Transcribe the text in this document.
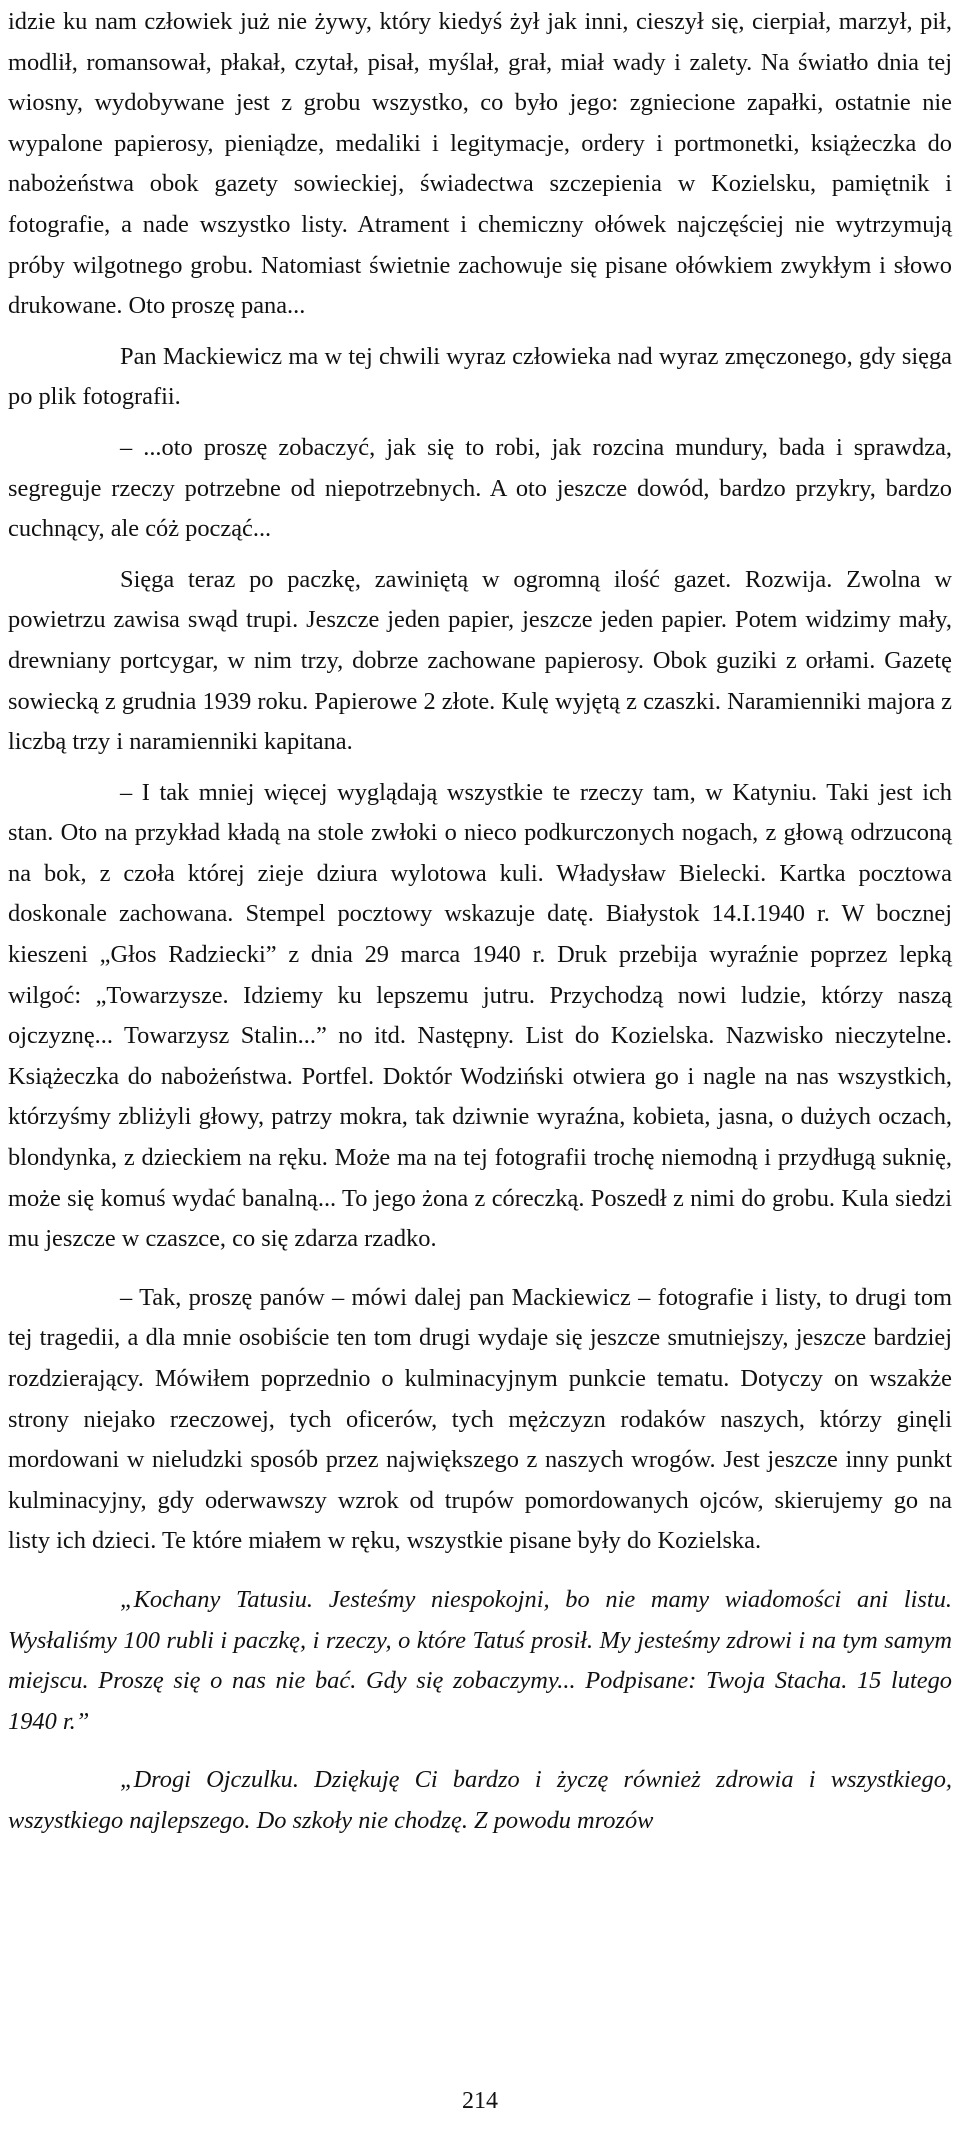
idzie ku nam człowiek już nie żywy, który kiedyś żył jak inni, cieszył się, cierpiał, marzył, pił, modlił, romansował, płakał, czytał, pisał, myślał, grał, miał wady i zalety. Na światło dnia tej wiosny, wydobywane jest z grobu wszystko, co było jego: zgniecione zapałki, ostatnie nie wypalone papierosy, pieniądze, medaliki i legitymacje, ordery i portmonetki, książeczka do nabożeństwa obok gazety sowieckiej, świadectwa szczepienia w Kozielsku, pamiętnik i fotografie, a nade wszystko listy. Atrament i chemiczny ołówek najczęściej nie wytrzymują próby wilgotnego grobu. Natomiast świetnie zachowuje się pisane ołówkiem zwykłym i słowo drukowane. Oto proszę pana...

Pan Mackiewicz ma w tej chwili wyraz człowieka nad wyraz zmęczonego, gdy sięga po plik fotografii.

– ...oto proszę zobaczyć, jak się to robi, jak rozcina mundury, bada i sprawdza, segreguje rzeczy potrzebne od niepotrzebnych. A oto jeszcze dowód, bardzo przykry, bardzo cuchnący, ale cóż począć...

Sięga teraz po paczkę, zawiniętą w ogromną ilość gazet. Rozwija. Zwolna w powietrzu zawisa swąd trupi. Jeszcze jeden papier, jeszcze jeden papier. Potem widzimy mały, drewniany portcygar, w nim trzy, dobrze zachowane papierosy. Obok guziki z orłami. Gazetę sowiecką z grudnia 1939 roku. Papierowe 2 złote. Kulę wyjętą z czaszki. Naramienniki majora z liczbą trzy i naramienniki kapitana.

– I tak mniej więcej wyglądają wszystkie te rzeczy tam, w Katyniu. Taki jest ich stan. Oto na przykład kładą na stole zwłoki o nieco podkurczonych nogach, z głową odrzuconą na bok, z czoła której zieje dziura wylotowa kuli. Władysław Bielecki. Kartka pocztowa doskonale zachowana. Stempel pocztowy wskazuje datę. Białystok 14.I.1940 r. W bocznej kieszeni „Głos Radziecki” z dnia 29 marca 1940 r. Druk przebija wyraźnie poprzez lepką wilgoć: „Towarzysze. Idziemy ku lepszemu jutru. Przychodzą nowi ludzie, którzy naszą ojczyznę... Towarzysz Stalin...” no itd. Następny. List do Kozielska. Nazwisko nieczytelne. Książeczka do nabożeństwa. Portfel. Doktór Wodziński otwiera go i nagle na nas wszystkich, którzyśmy zbliżyli głowy, patrzy mokra, tak dziwnie wyraźna, kobieta, jasna, o dużych oczach, blondynka, z dzieckiem na ręku. Może ma na tej fotografii trochę niemodną i przydługą suknię, może się komuś wydać banalną... To jego żona z córeczką. Poszedł z nimi do grobu. Kula siedzi mu jeszcze w czaszce, co się zdarza rzadko.

– Tak, proszę panów – mówi dalej pan Mackiewicz – fotografie i listy, to drugi tom tej tragedii, a dla mnie osobiście ten tom drugi wydaje się jeszcze smutniejszy, jeszcze bardziej rozdzierający. Mówiłem poprzednio o kulminacyjnym punkcie tematu. Dotyczy on wszakże strony niejako rzeczowej, tych oficerów, tych mężczyzn rodaków naszych, którzy ginęli mordowani w nieludzki sposób przez największego z naszych wrogów. Jest jeszcze inny punkt kulminacyjny, gdy oderwawszy wzrok od trupów pomordowanych ojców, skierujemy go na listy ich dzieci. Te które miałem w ręku, wszystkie pisane były do Kozielska.

„Kochany Tatusiu. Jesteśmy niespokojni, bo nie mamy wiadomości ani listu. Wysłaliśmy 100 rubli i paczkę, i rzeczy, o które Tatuś prosił. My jesteśmy zdrowi i na tym samym miejscu. Proszę się o nas nie bać. Gdy się zobaczymy... Podpisane: Twoja Stacha. 15 lutego 1940 r.”

„Drogi Ojczulku. Dziękuję Ci bardzo i życzę również zdrowia i wszystkiego, wszystkiego najlepszego. Do szkoły nie chodzę. Z powodu mrozów

214
